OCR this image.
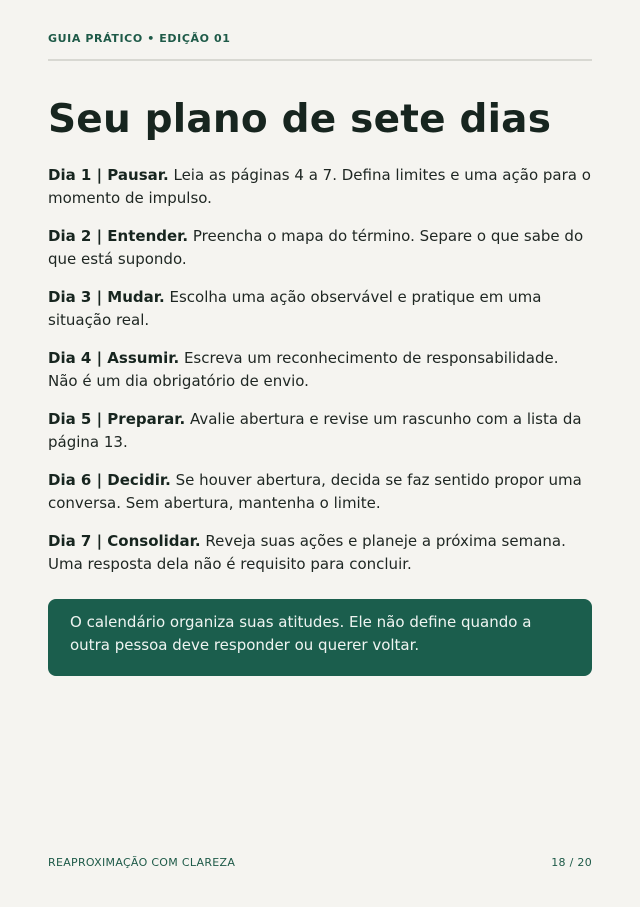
GUIA PRÁTICO • EDIÇÃO 01
Seu plano de sete dias

Dia 1 | Pausar. Leia as páginas 4 a 7. Defina limites e uma ação para o momento de impulso.

Dia 2 | Entender. Preencha o mapa do término. Separe o que sabe do que está supondo.

Dia 3 | Mudar. Escolha uma ação observável e pratique em uma situação real.

Dia 4 | Assumir. Escreva um reconhecimento de responsabilidade. Não é um dia obrigatório de envio.

Dia 5 | Preparar. Avalie abertura e revise um rascunho com a lista da página 13.

Dia 6 | Decidir. Se houver abertura, decida se faz sentido propor uma conversa. Sem abertura, mantenha o limite.

Dia 7 | Consolidar. Reveja suas ações e planeje a próxima semana. Uma resposta dela não é requisito para concluir.

O calendário organiza suas atitudes. Ele não define quando a outra pessoa deve responder ou querer voltar.

REAPROXIMAÇÃO COM CLAREZA	18 / 20
